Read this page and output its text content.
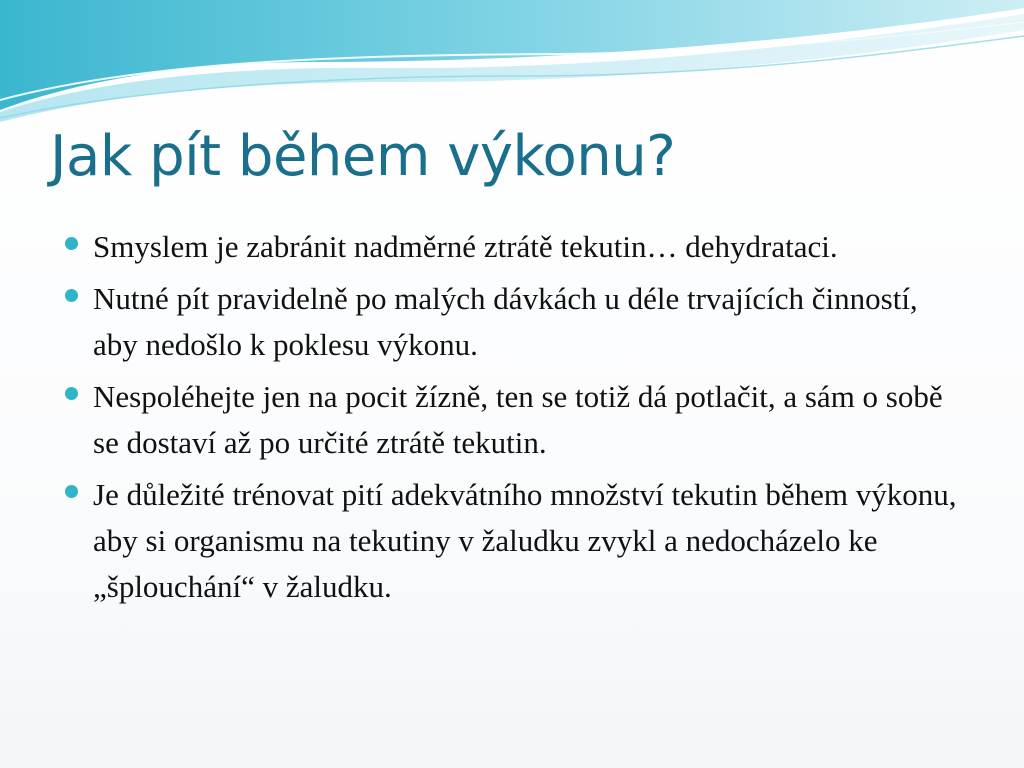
Jak pít během výkonu?
Smyslem je zabránit nadměrné ztrátě tekutin… dehydrataci.
Nutné pít pravidelně po malých dávkách u déle trvajících činností, aby nedošlo k poklesu výkonu.
Nespoléhejte jen na pocit žízně, ten se totiž dá potlačit, a sám o sobě se dostaví až po určité ztrátě tekutin.
Je důležité trénovat pití adekvátního množství tekutin během výkonu, aby si organismu na tekutiny v žaludku zvykl a nedocházelo ke „šplouchání“ v žaludku.
